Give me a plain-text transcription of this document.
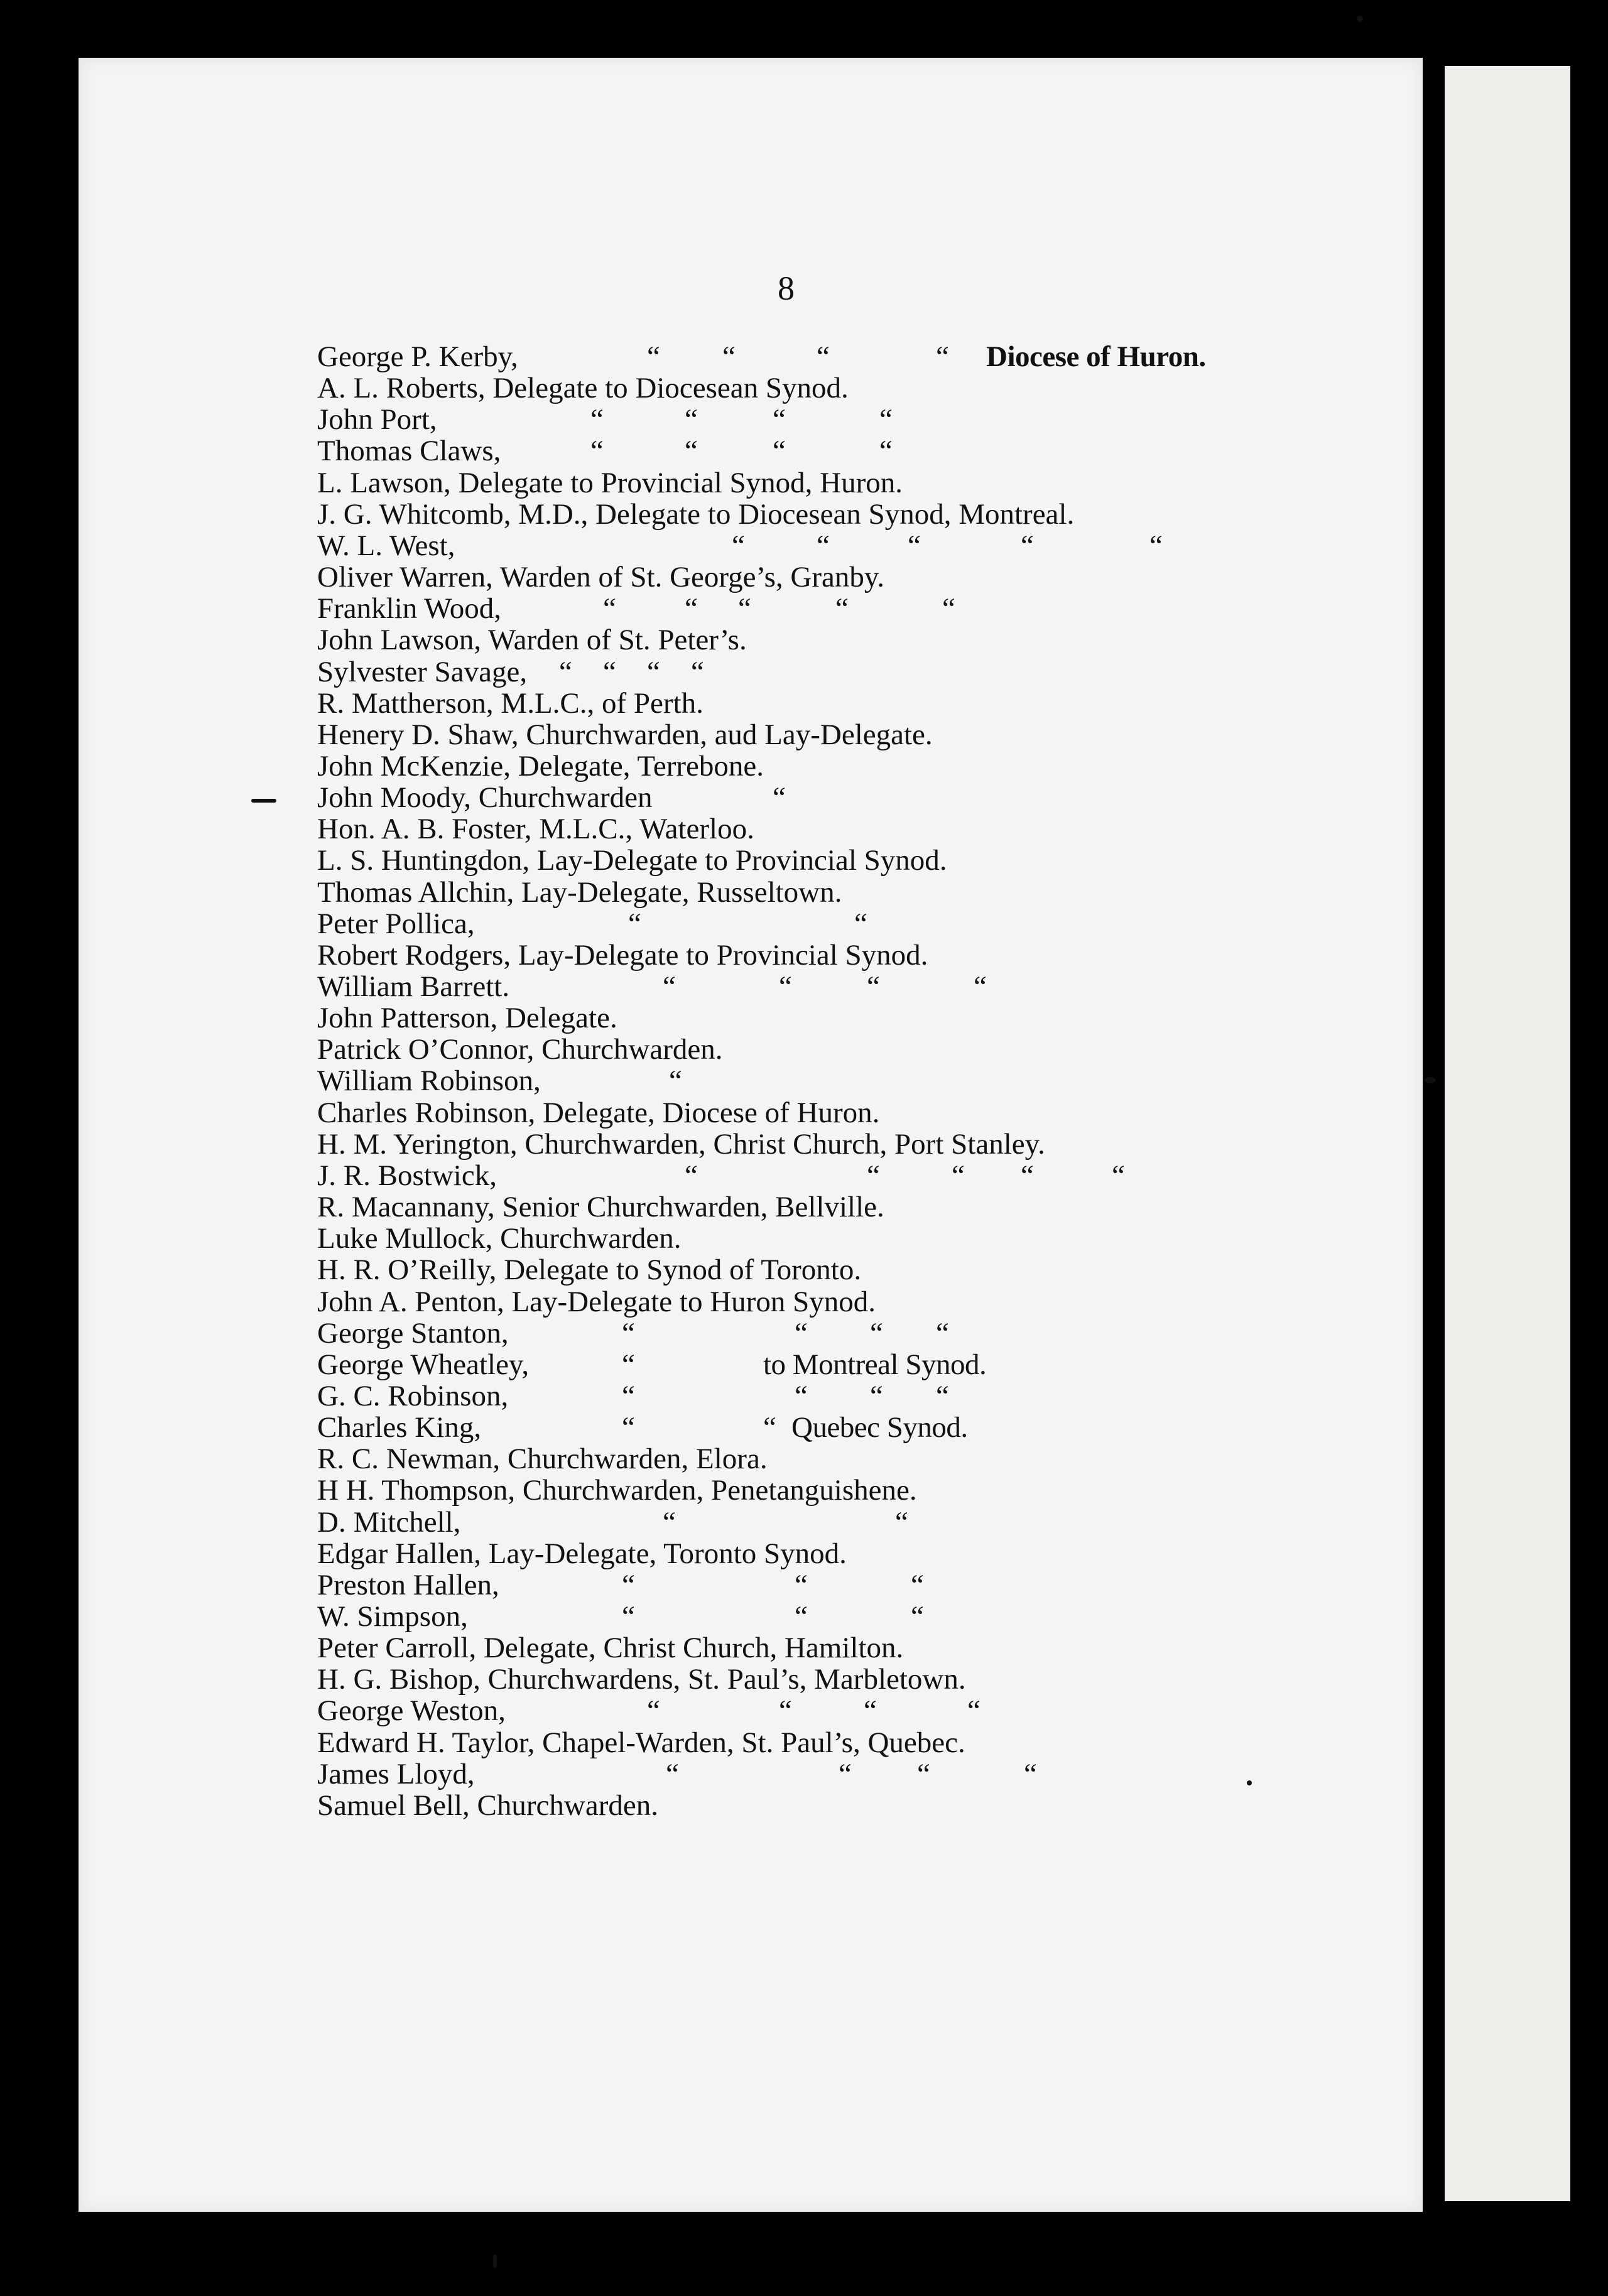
8
George P. Kerby,	“ “	“	“ Diocese of Huron.
A. L. Roberts, Delegate to Diocesean Synod.
John Port,	“	“	“	“
Thomas Claws,	“	“	“	“
L. Lawson, Delegate to Provincial Synod, Huron.
J. G. Whitcomb, M.D., Delegate to Diocesean Synod, Montreal.
W. L. West,	“ “	“	“	“
Oliver Warren, Warden of St. George’s, Granby.
Franklin Wood,	“ “ “	“	“
John Lawson, Warden of St. Peter’s.
Sylvester Savage, “ “ “ “
R. Mattherson, M.L.C., of Perth.
Henery D. Shaw, Churchwarden, aud Lay-Delegate.
John McKenzie, Delegate, Terrebone.
John Moody, Churchwarden	“
Hon. A. B. Foster, M.L.C., Waterloo.
L. S. Huntingdon, Lay-Delegate to Provincial Synod.
Thomas Allchin, Lay-Delegate, Russeltown.
Peter Pollica,	“	“
Robert Rodgers, Lay-Delegate to Provincial Synod.
William Barrett.	“	“	“	“
John Patterson, Delegate.
Patrick O’Connor, Churchwarden.
William Robinson,	“
Charles Robinson, Delegate, Diocese of Huron.
H. M. Yerington, Churchwarden, Christ Church, Port Stanley.
J. R. Bostwick,	“	“ “ “	“
R. Macannany, Senior Churchwarden, Bellville.
Luke Mullock, Churchwarden.
H. R. O’Reilly, Delegate to Synod of Toronto.
John A. Penton, Lay-Delegate to Huron Synod.
George Stanton,	“	“ “ “
George Wheatley,	“	to Montreal Synod.
G. C. Robinson,	“	“ “ “
Charles King,	“	“ Quebec Synod.
R. C. Newman, Churchwarden, Elora.
H H. Thompson, Churchwarden, Penetanguishene.
D. Mitchell,	“	“
Edgar Hallen, Lay-Delegate, Toronto Synod.
Preston Hallen,	“	“	“
W. Simpson,	“	“	“
Peter Carroll, Delegate, Christ Church, Hamilton.
H. G. Bishop, Churchwardens, St. Paul’s, Marbletown.
George Weston,	“	“ “	“
Edward H. Taylor, Chapel-Warden, St. Paul’s, Quebec.
James Lloyd,	“	“ “	“
Samuel Bell, Churchwarden.
